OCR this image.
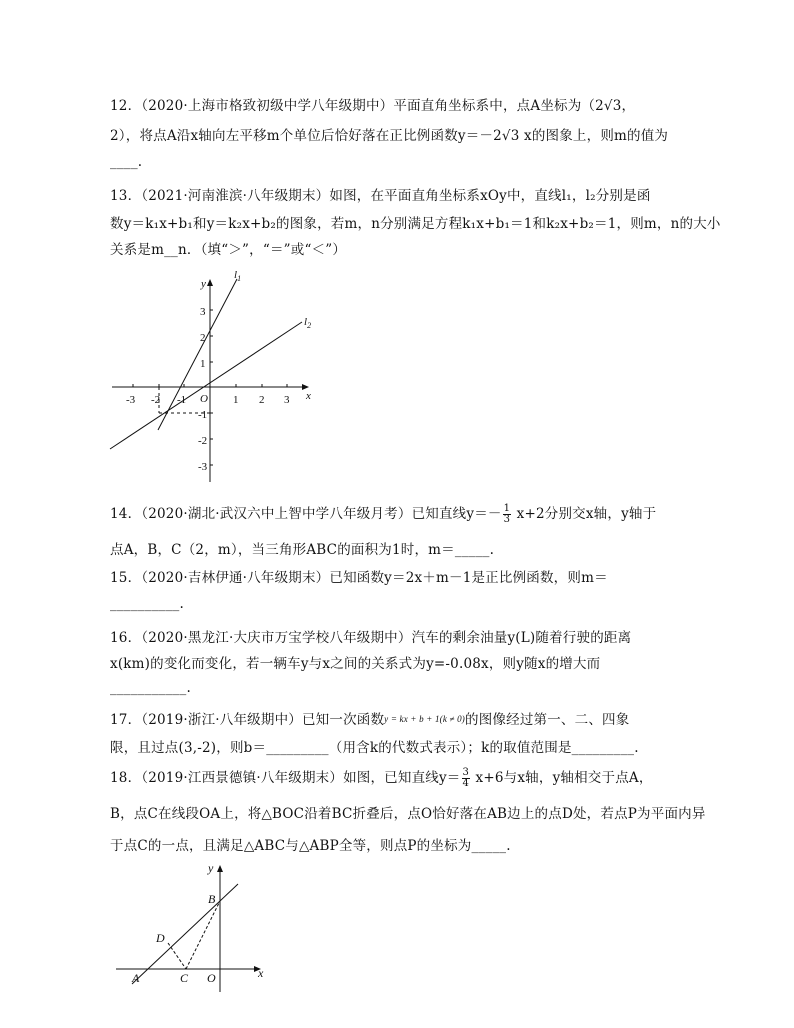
12．（2020·上海市格致初级中学八年级期中）平面直角坐标系中，点A坐标为（2√3，
2），将点A沿x轴向左平移m个单位后恰好落在正比例函数y＝－2√3 x的图象上，则m的值为
____.
13．（2021·河南淮滨·八年级期末）如图，在平面直角坐标系xOy中，直线l₁，l₂分别是函
数y＝k₁x+b₁和y＝k₂x+b₂的图象，若m，n分别满足方程k₁x+b₁＝1和k₂x+b₂＝1，则m，n的大小
关系是m__n．（填“＞”，“＝”或“＜”）
-3 -2 -1	1 2 3
3
2
1
-1
-2
-3
O	x
y
$l_1$
$l_2$
14．（2020·湖北·武汉六中上智中学八年级月考）已知直线$y=- \frac{1}{3} x+2$分别交x轴，y轴于
点A，B，C（2，m），当三角形ABC的面积为1时，m＝_____.
15．（2020·吉林伊通·八年级期末）已知函数y＝2x＋m－1是正比例函数，则m＝
__________.
16．（2020·黑龙江·大庆市万宝学校八年级期中）汽车的剩余油量y(L)随着行驶的距离
x(km)的变化而变化，若一辆车y与x之间的关系式为y=-0.08x，则y随x的增大而
___________.
17．（2019·浙江·八年级期中）已知一次函数y = kx + b + 1(k ≠ 0)的图像经过第一、二、四象
限，且过点(3,-2)，则b＝_________（用含k的代数式表示）；k的取值范围是_________.
18．（2019·江西景德镇·八年级期末）如图，已知直线$y= \frac{3}{4} x+6$与x轴，y轴相交于点A，
B，点C在线段OA上，将△BOC沿着BC折叠后，点O恰好落在AB边上的点D处，若点P为平面内异
于点C的一点，且满足△ABC与△ABP全等，则点P的坐标为_____.
y
x
B
D
A	C O
